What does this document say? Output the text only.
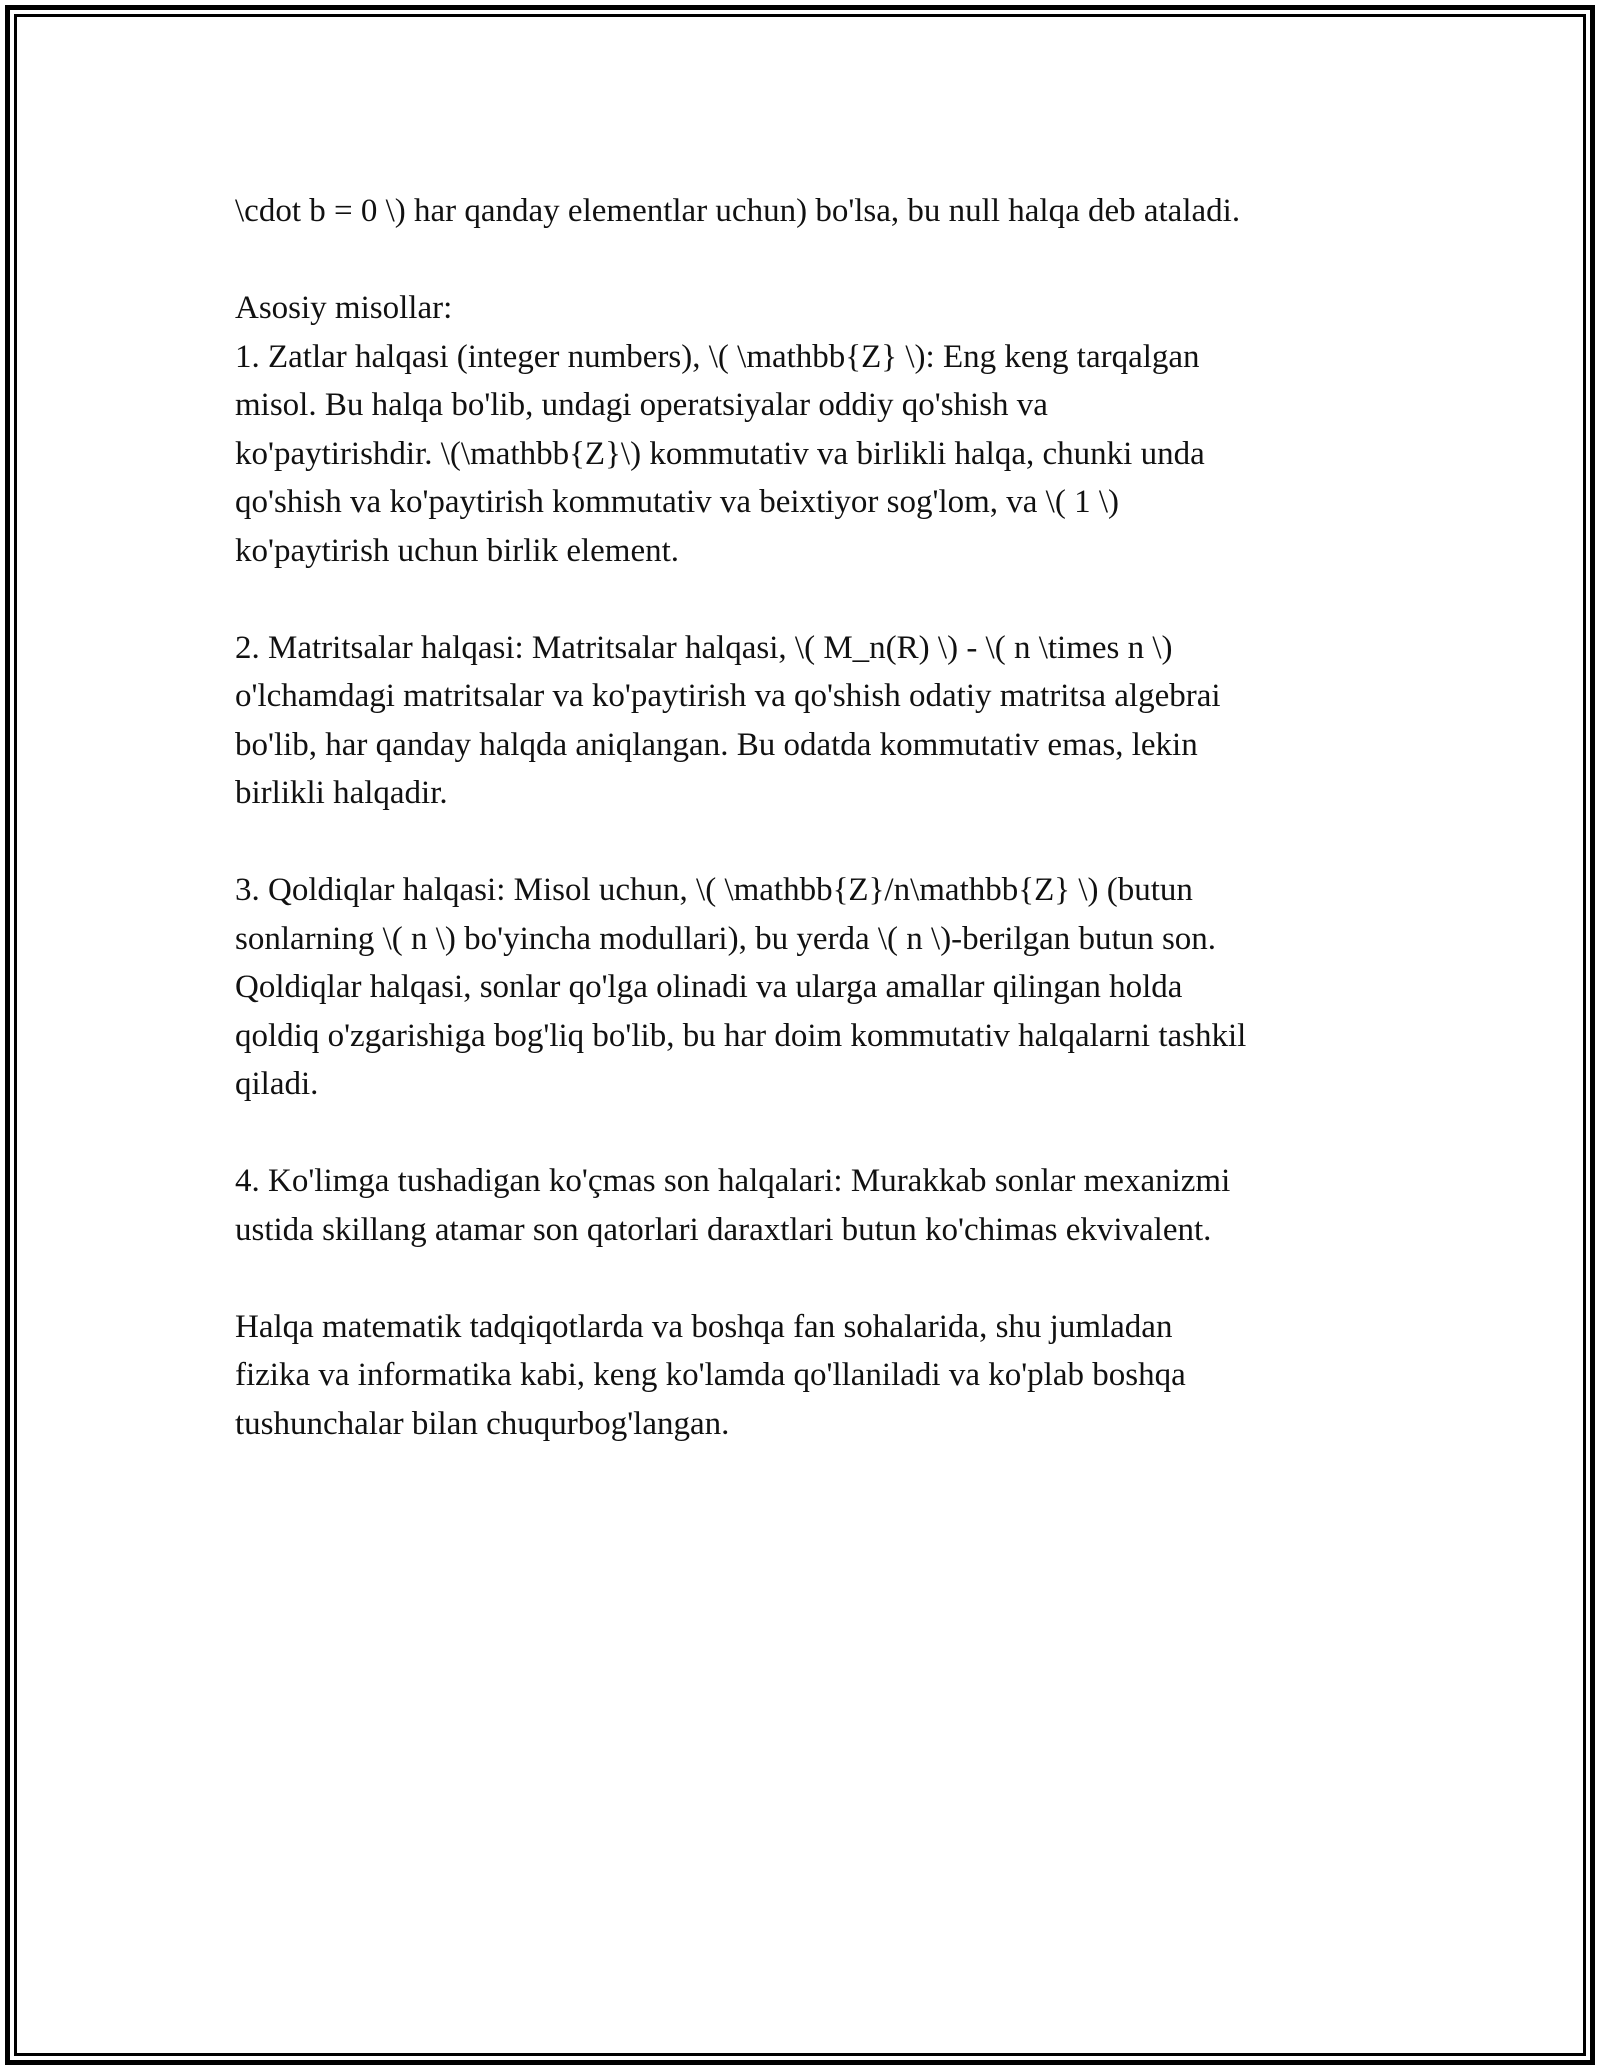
\cdot b = 0 \) har qanday elementlar uchun) bo'lsa, bu null halqa deb ataladi.

Asosiy misollar:
1. Zatlar halqasi (integer numbers), \( \mathbb{Z} \): Eng keng tarqalgan
misol. Bu halqa bo'lib, undagi operatsiyalar oddiy qo'shish va
ko'paytirishdir. \(\mathbb{Z}\) kommutativ va birlikli halqa, chunki unda
qo'shish va ko'paytirish kommutativ va beixtiyor sog'lom, va \( 1 \)
ko'paytirish uchun birlik element.

2. Matritsalar halqasi: Matritsalar halqasi, \( M_n(R) \) - \( n \times n \)
o'lchamdagi matritsalar va ko'paytirish va qo'shish odatiy matritsa algebrai
bo'lib, har qanday halqda aniqlangan. Bu odatda kommutativ emas, lekin
birlikli halqadir.

3. Qoldiqlar halqasi: Misol uchun, \( \mathbb{Z}/n\mathbb{Z} \) (butun
sonlarning \( n \) bo'yincha modullari), bu yerda \( n \)-berilgan butun son.
Qoldiqlar halqasi, sonlar qo'lga olinadi va ularga amallar qilingan holda
qoldiq o'zgarishiga bog'liq bo'lib, bu har doim kommutativ halqalarni tashkil
qiladi.

4. Ko'limga tushadigan ko'çmas son halqalari: Murakkab sonlar mexanizmi
ustida skillang atamar son qatorlari daraxtlari butun ko'chimas ekvivalent.

Halqa matematik tadqiqotlarda va boshqa fan sohalarida, shu jumladan
fizika va informatika kabi, keng ko'lamda qo'llaniladi va ko'plab boshqa
tushunchalar bilan chuqurbog'langan.
